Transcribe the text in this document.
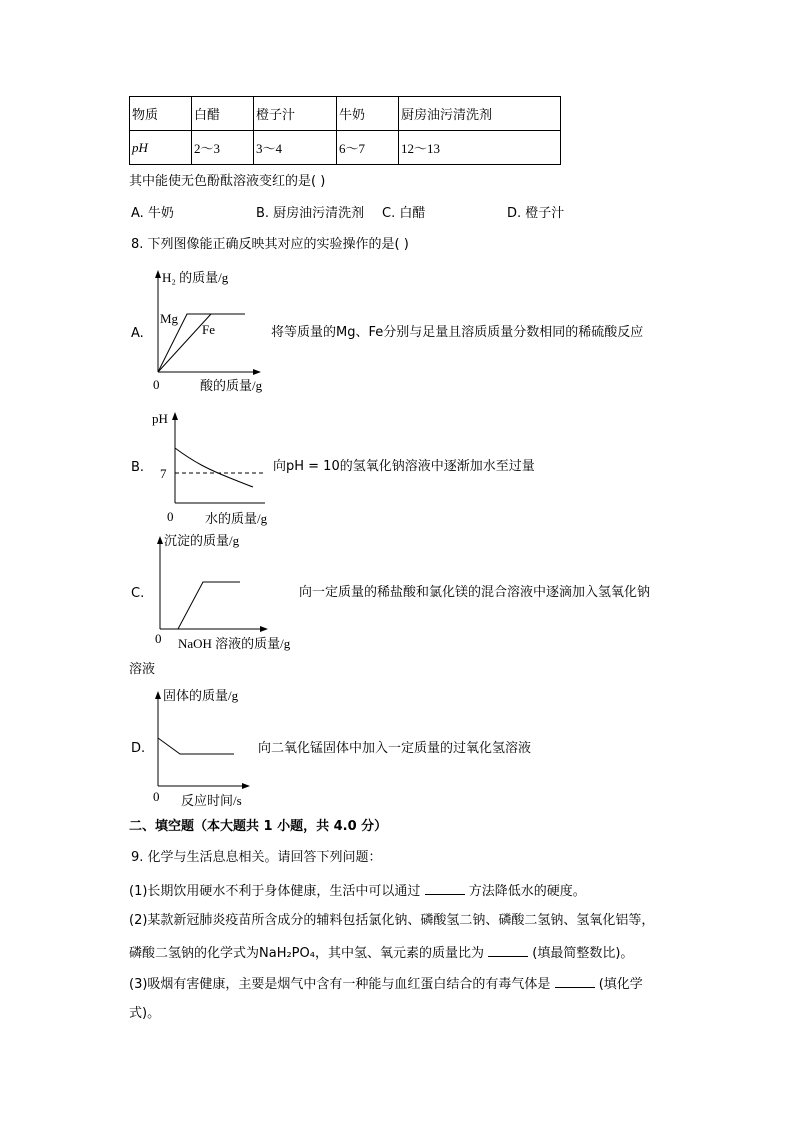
物质	白醋	橙子汁	牛奶	厨房油污清洗剂
pH	2～3	3～4	6～7	12～13
其中能使无色酚酞溶液变红的是( )
A. 牛奶	B. 厨房油污清洗剂 C. 白醋	D. 橙子汁
8. 下列图像能正确反映其对应的实验操作的是( )
A.
H₂ 的质量/g
Mg
Fe
0	酸的质量/g
将等质量的Mg、Fe分别与足量且溶质质量分数相同的稀硫酸反应
B.
pH
7
0 水的质量/g
向pH = 10的氢氧化钠溶液中逐渐加水至过量
C.
沉淀的质量/g
0 NaOH 溶液的质量/g
向一定质量的稀盐酸和氯化镁的混合溶液中逐滴加入氢氧化钠
溶液
D.
固体的质量/g
0 反应时间/s
向二氧化锰固体中加入一定质量的过氧化氢溶液
二、填空题（本大题共 1 小题，共 4.0 分）
9. 化学与生活息息相关。请回答下列问题：
(1)长期饮用硬水不利于身体健康，生活中可以通过	方法降低水的硬度。
(2)某款新冠肺炎疫苗所含成分的辅料包括氯化钠、磷酸氢二钠、磷酸二氢钠、氢氧化铝等，
磷酸二氢钠的化学式为NaH₂PO₄，其中氢、氧元素的质量比为	(填最简整数比)。
(3)吸烟有害健康，主要是烟气中含有一种能与血红蛋白结合的有毒气体是	(填化学
式)。
